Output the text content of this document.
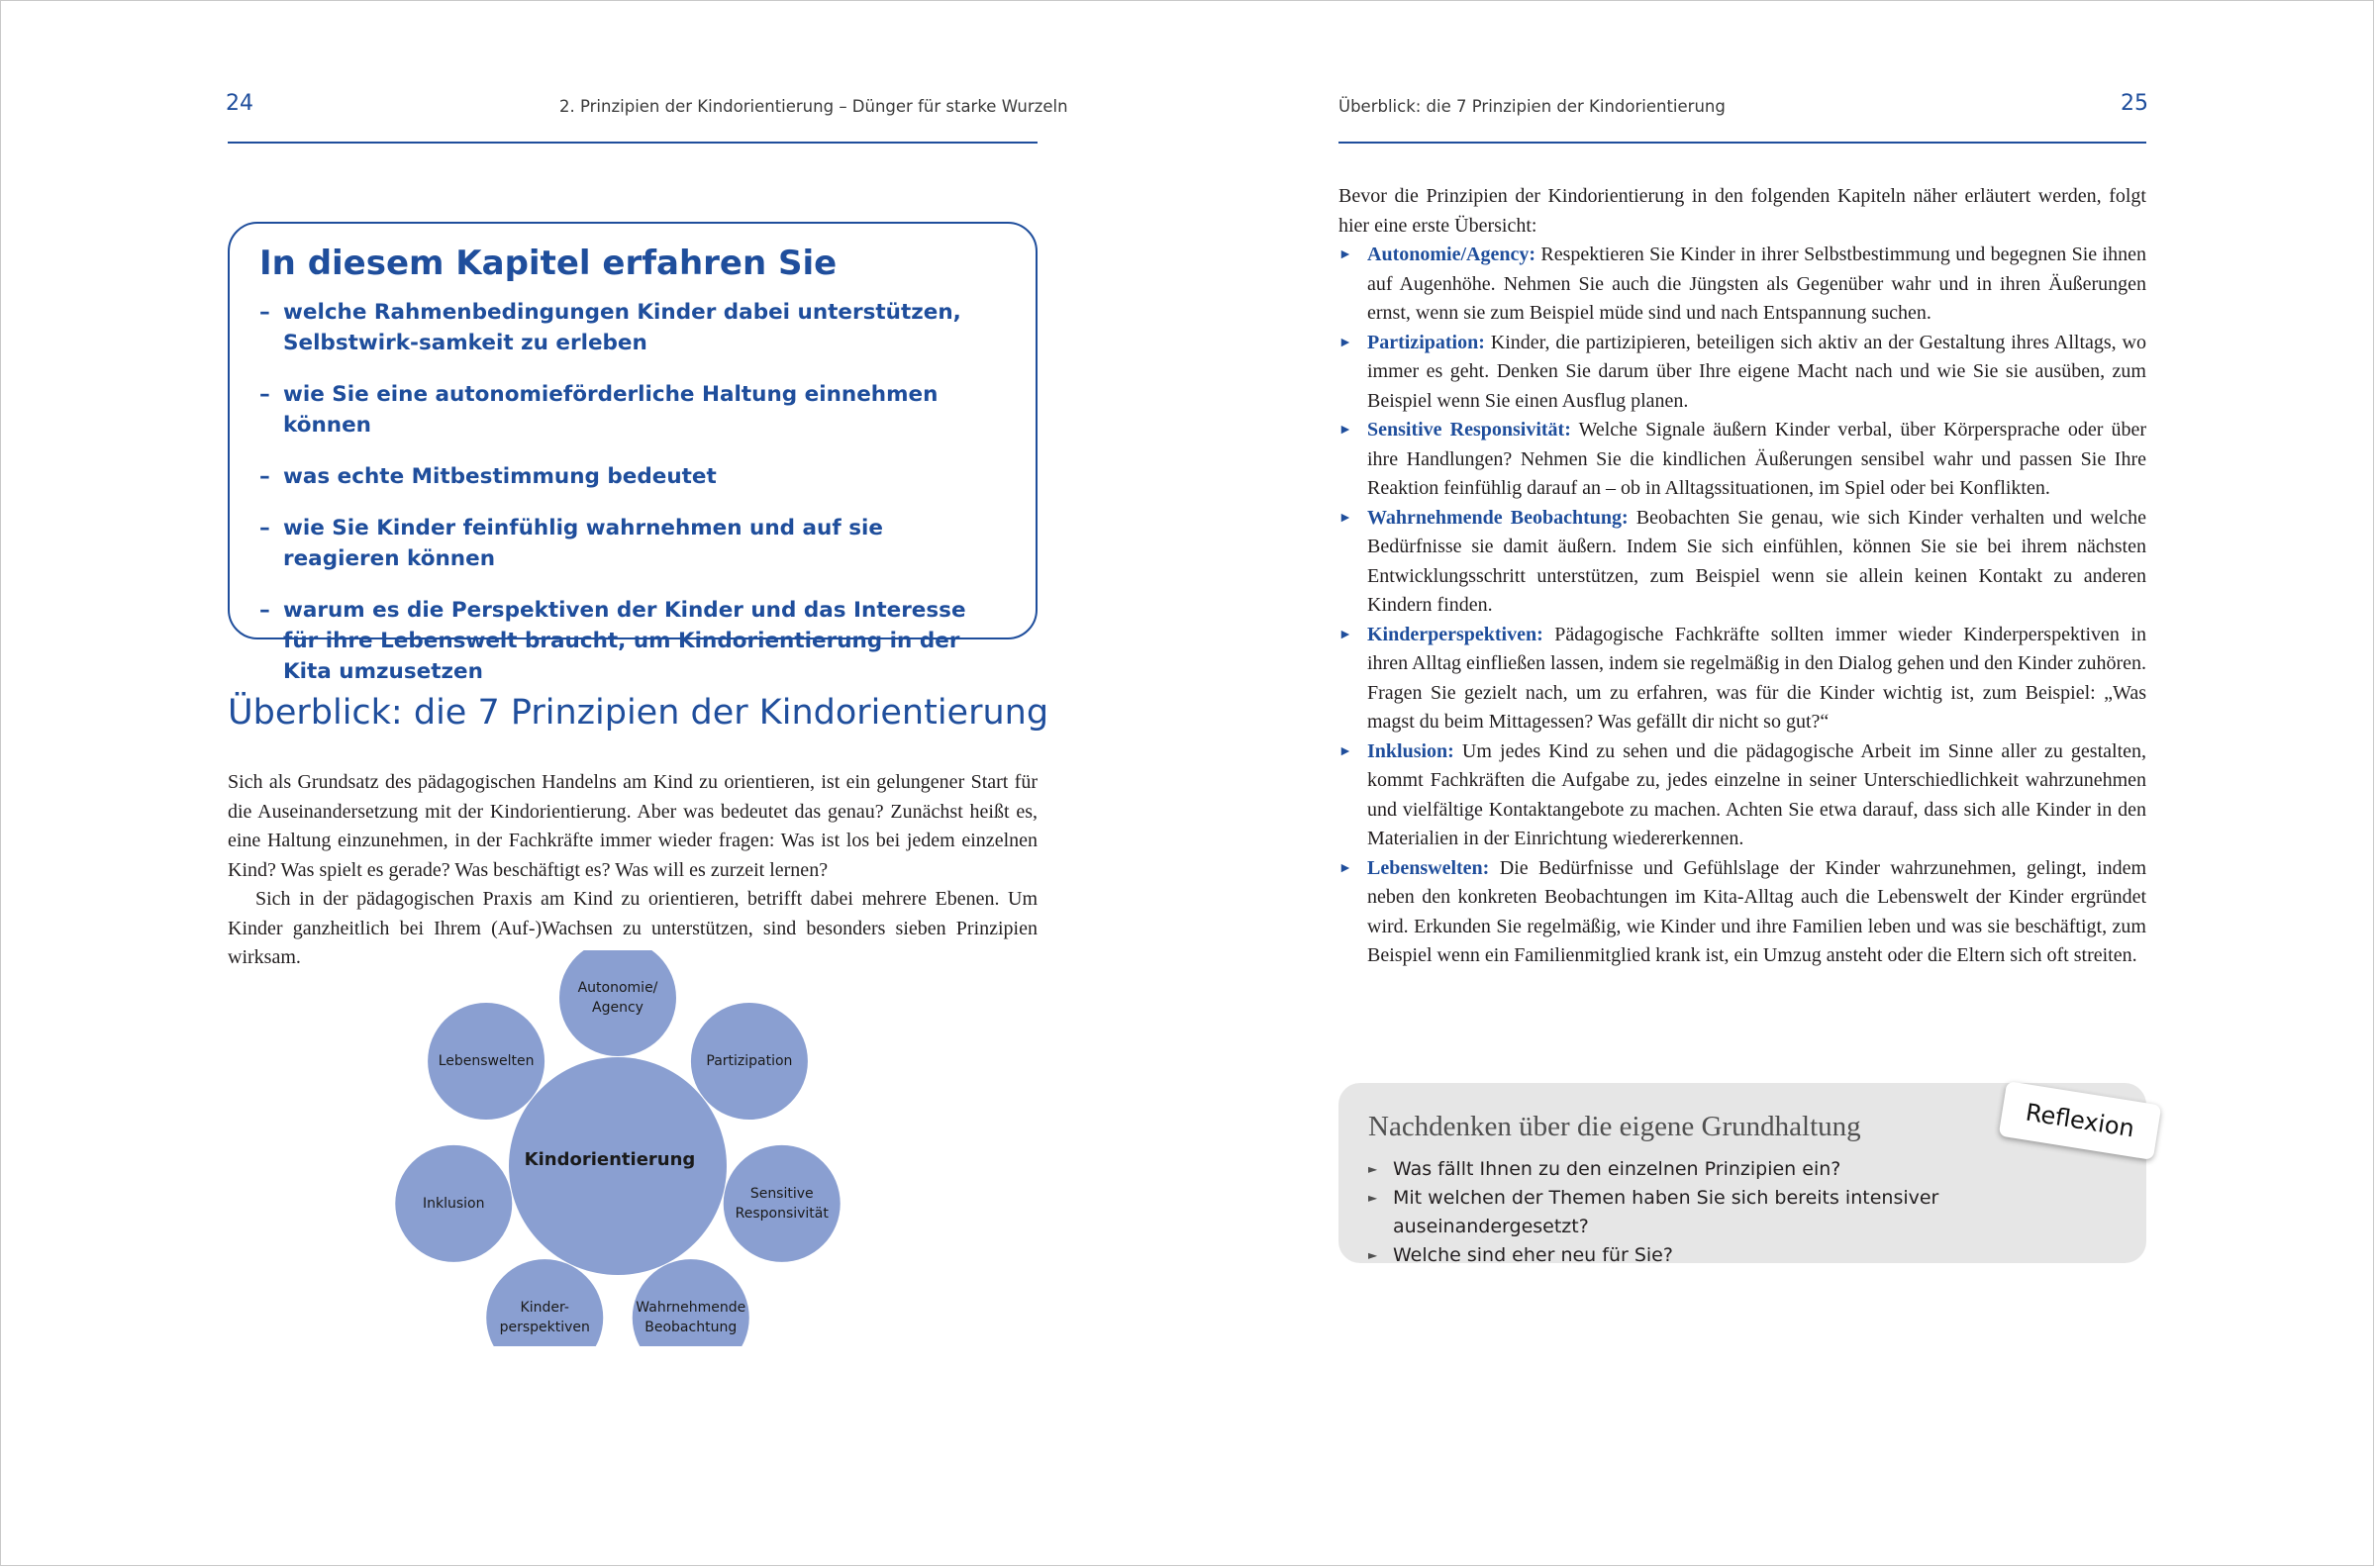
24	2. Prinzipien der Kindorientierung – Dünger für starke Wurzeln
In diesem Kapitel erfahren Sie
– welche Rahmenbedingungen Kinder dabei unterstützen, Selbstwirk-samkeit zu erleben
– wie Sie eine autonomieförderliche Haltung einnehmen können
– was echte Mitbestimmung bedeutet
– wie Sie Kinder feinfühlig wahrnehmen und auf sie reagieren können
– warum es die Perspektiven der Kinder und das Interesse für ihre Lebenswelt braucht, um Kindorientierung in der Kita umzusetzen
Überblick: die 7 Prinzipien der Kindorientierung

Sich als Grundsatz des pädagogischen Handelns am Kind zu orientieren, ist ein gelungener Start für die Auseinandersetzung mit der Kindorientierung. Aber was bedeutet das genau? Zunächst heißt es, eine Haltung einzunehmen, in der Fachkräfte immer wieder fragen: Was ist los bei jedem einzelnen Kind? Was spielt es gerade? Was beschäftigt es? Was will es zurzeit lernen?

Sich in der pädagogischen Praxis am Kind zu orientieren, betrifft dabei mehrere Ebenen. Um Kinder ganzheitlich bei Ihrem (Auf-)Wachsen zu unterstützen, sind besonders sieben Prinzipien wirksam.

Kindorientierung
Autonomie/
Agency
Partizipation
Sensitive
Responsivität
Wahrnehmende
Beobachtung
Kinder-
perspektiven
Inklusion
Lebenswelten
Überblick: die 7 Prinzipien der Kindorientierung	25

Bevor die Prinzipien der Kindorientierung in den folgenden Kapiteln näher erläutert werden, folgt hier eine erste Übersicht:

► Autonomie/Agency: Respektieren Sie Kinder in ihrer Selbstbestimmung und begegnen Sie ihnen auf Augenhöhe. Nehmen Sie auch die Jüngsten als Gegenüber wahr und in ihren Äußerungen ernst, wenn sie zum Beispiel müde sind und nach Entspannung suchen.
► Partizipation: Kinder, die partizipieren, beteiligen sich aktiv an der Gestaltung ihres Alltags, wo immer es geht. Denken Sie darum über Ihre eigene Macht nach und wie Sie sie ausüben, zum Beispiel wenn Sie einen Ausflug planen.
► Sensitive Responsivität: Welche Signale äußern Kinder verbal, über Körpersprache oder über ihre Handlungen? Nehmen Sie die kindlichen Äußerungen sensibel wahr und passen Sie Ihre Reaktion feinfühlig darauf an – ob in Alltagssituationen, im Spiel oder bei Konflikten.
► Wahrnehmende Beobachtung: Beobachten Sie genau, wie sich Kinder verhalten und welche Bedürfnisse sie damit äußern. Indem Sie sich einfühlen, können Sie sie bei ihrem nächsten Entwicklungsschritt unterstützen, zum Beispiel wenn sie allein keinen Kontakt zu anderen Kindern finden.
► Kinderperspektiven: Pädagogische Fachkräfte sollten immer wieder Kinderperspektiven in ihren Alltag einfließen lassen, indem sie regelmäßig in den Dialog gehen und den Kinder zuhören. Fragen Sie gezielt nach, um zu erfahren, was für die Kinder wichtig ist, zum Beispiel: „Was magst du beim Mittagessen? Was gefällt dir nicht so gut?“
► Inklusion: Um jedes Kind zu sehen und die pädagogische Arbeit im Sinne aller zu gestalten, kommt Fachkräften die Aufgabe zu, jedes einzelne in seiner Unterschiedlichkeit wahrzunehmen und vielfältige Kontaktangebote zu machen. Achten Sie etwa darauf, dass sich alle Kinder in den Materialien in der Einrichtung wiedererkennen.
► Lebenswelten: Die Bedürfnisse und Gefühlslage der Kinder wahrzunehmen, gelingt, indem neben den konkreten Beobachtungen im Kita-Alltag auch die Lebenswelt der Kinder ergründet wird. Erkunden Sie regelmäßig, wie Kinder und ihre Familien leben und was sie beschäftigt, zum Beispiel wenn ein Familienmitglied krank ist, ein Umzug ansteht oder die Eltern sich oft streiten.
Nachdenken über die eigene Grundhaltung
► Was fällt Ihnen zu den einzelnen Prinzipien ein?
► Mit welchen der Themen haben Sie sich bereits intensiver auseinandergesetzt?
► Welche sind eher neu für Sie?
Reflexion
